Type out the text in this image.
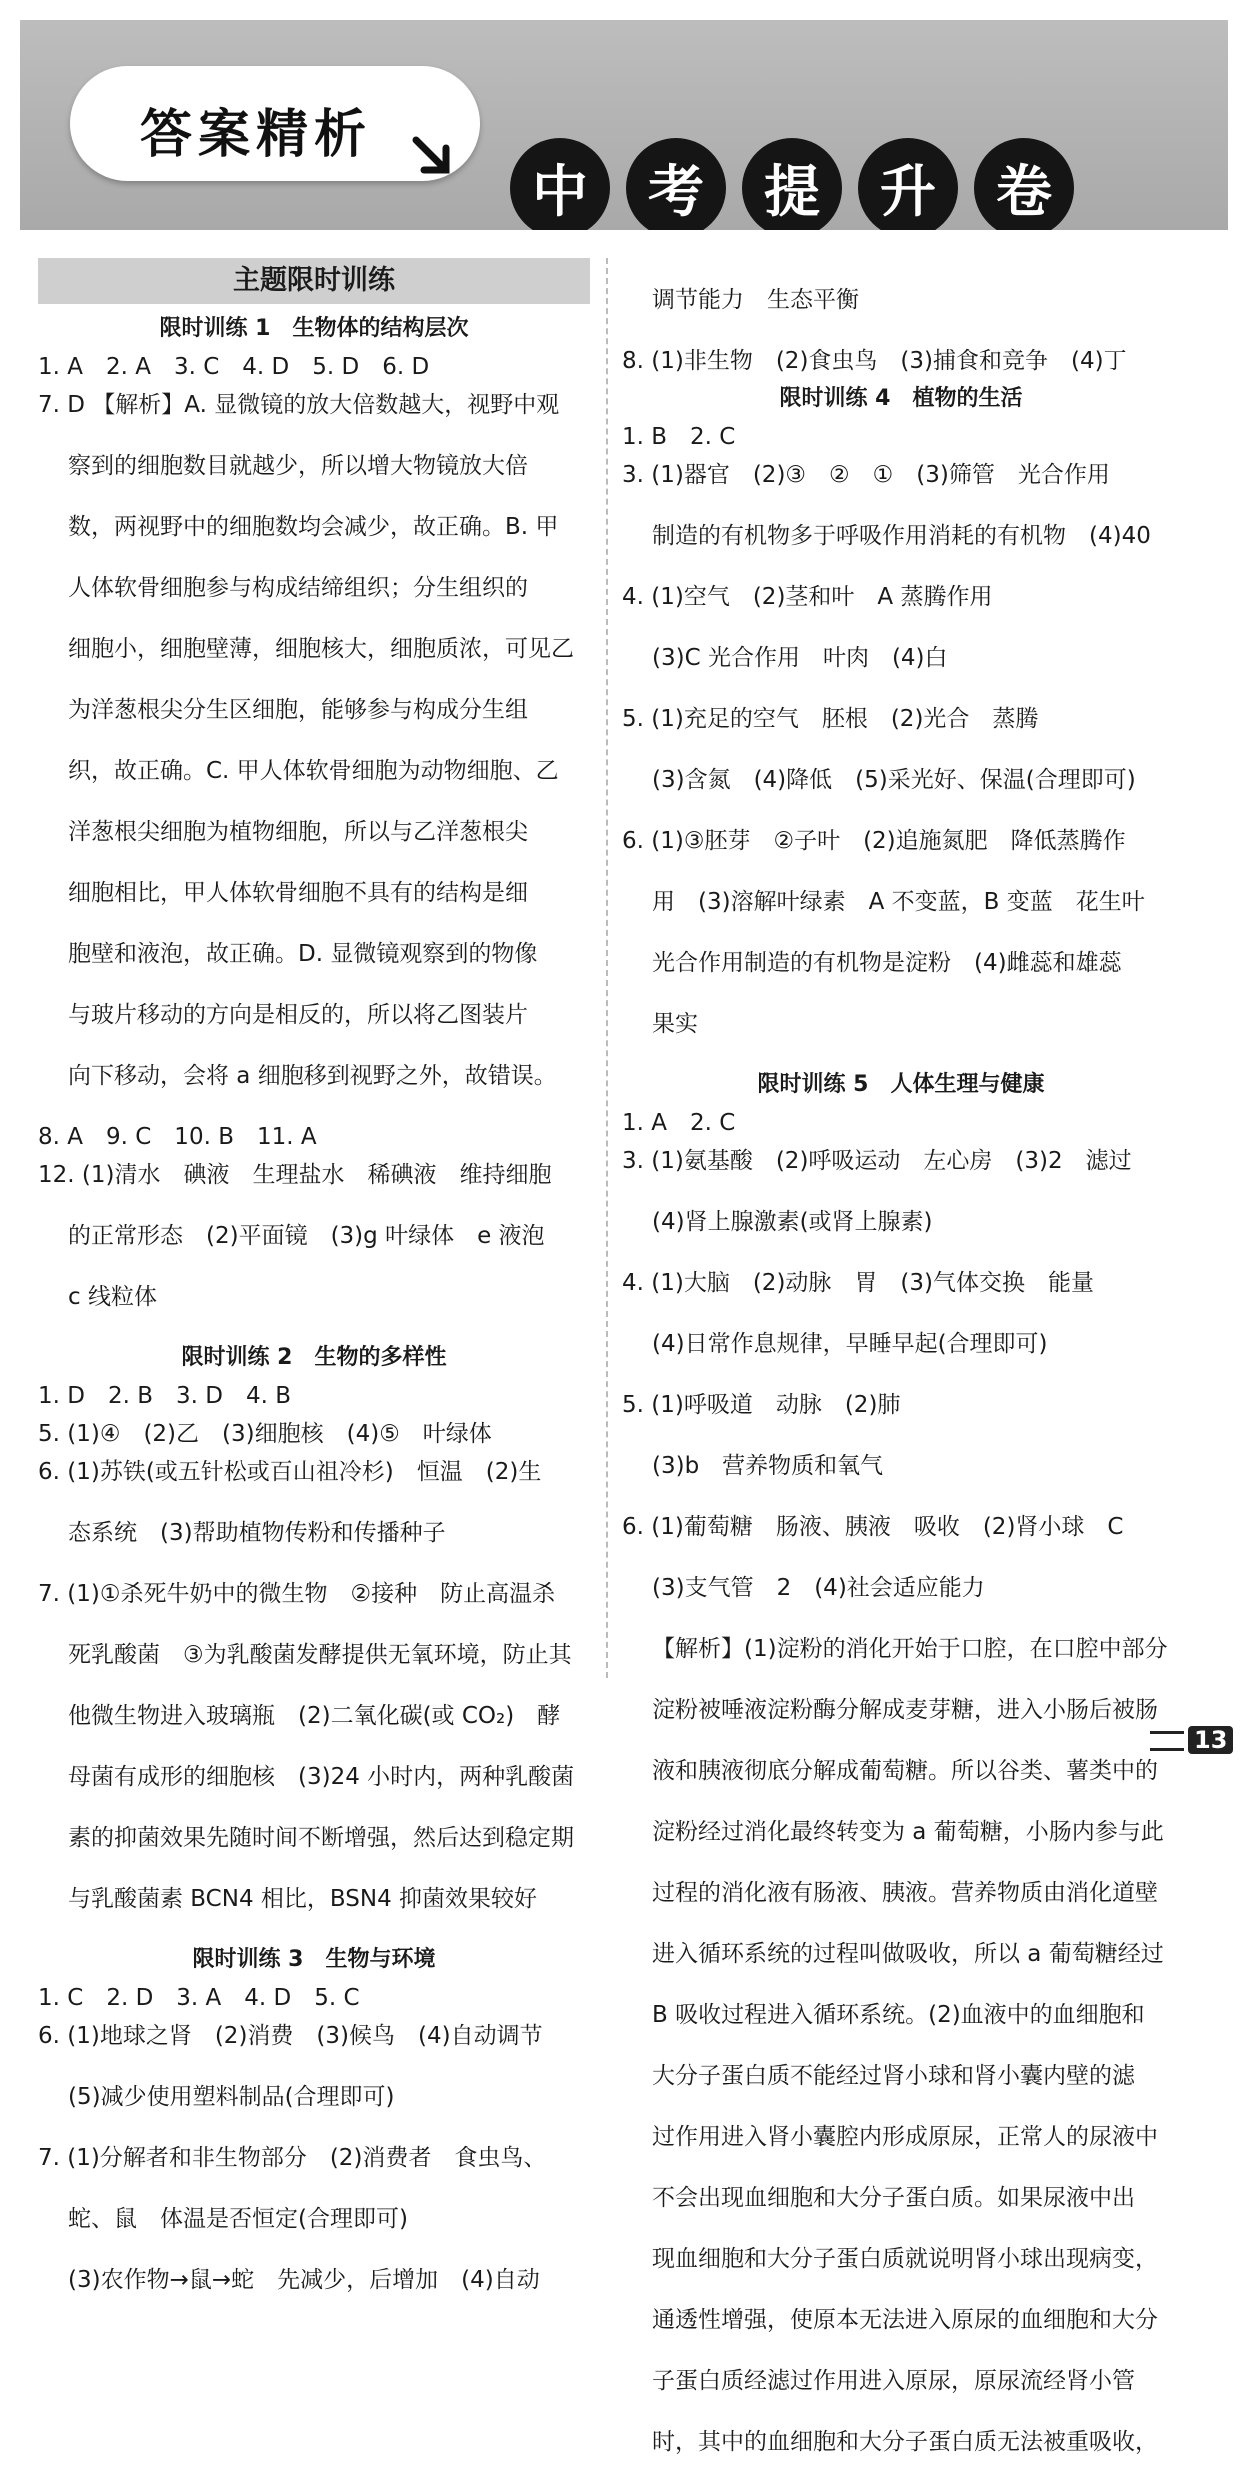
答案精析
中	考	提	升	卷
主题限时训练

限时训练 1　生物体的结构层次

1. A　2. A　3. C　4. D　5. D　6. D

7. D 【解析】A. 显微镜的放大倍数越大，视野中观

察到的细胞数目就越少，所以增大物镜放大倍

数，两视野中的细胞数均会减少，故正确。B. 甲

人体软骨细胞参与构成结缔组织；分生组织的

细胞小，细胞壁薄，细胞核大，细胞质浓，可见乙

为洋葱根尖分生区细胞，能够参与构成分生组

织，故正确。C. 甲人体软骨细胞为动物细胞、乙

洋葱根尖细胞为植物细胞，所以与乙洋葱根尖

细胞相比，甲人体软骨细胞不具有的结构是细

胞壁和液泡，故正确。D. 显微镜观察到的物像

与玻片移动的方向是相反的，所以将乙图装片

向下移动，会将 a 细胞移到视野之外，故错误。

8. A　9. C　10. B　11. A

12. (1)清水　碘液　生理盐水　稀碘液　维持细胞

的正常形态　(2)平面镜　(3)g 叶绿体　e 液泡

c 线粒体

限时训练 2　生物的多样性

1. D　2. B　3. D　4. B

5. (1)④　(2)乙　(3)细胞核　(4)⑤　叶绿体

6. (1)苏铁(或五针松或百山祖冷杉)　恒温　(2)生

态系统　(3)帮助植物传粉和传播种子

7. (1)①杀死牛奶中的微生物　②接种　防止高温杀

死乳酸菌　③为乳酸菌发酵提供无氧环境，防止其

他微生物进入玻璃瓶　(2)二氧化碳(或 CO₂)　酵

母菌有成形的细胞核　(3)24 小时内，两种乳酸菌

素的抑菌效果先随时间不断增强，然后达到稳定期

与乳酸菌素 BCN4 相比，BSN4 抑菌效果较好

限时训练 3　生物与环境

1. C　2. D　3. A　4. D　5. C

6. (1)地球之肾　(2)消费　(3)候鸟　(4)自动调节

(5)减少使用塑料制品(合理即可)

7. (1)分解者和非生物部分　(2)消费者　食虫鸟、

蛇、鼠　体温是否恒定(合理即可)

(3)农作物→鼠→蛇　先减少，后增加　(4)自动

调节能力　生态平衡

8. (1)非生物　(2)食虫鸟　(3)捕食和竞争　(4)丁

限时训练 4　植物的生活

1. B　2. C

3. (1)器官　(2)③　②　①　(3)筛管　光合作用

制造的有机物多于呼吸作用消耗的有机物　(4)40

4. (1)空气　(2)茎和叶　A 蒸腾作用

(3)C 光合作用　叶肉　(4)白

5. (1)充足的空气　胚根　(2)光合　蒸腾

(3)含氮　(4)降低　(5)采光好、保温(合理即可)

6. (1)③胚芽　②子叶　(2)追施氮肥　降低蒸腾作

用　(3)溶解叶绿素　A 不变蓝，B 变蓝　花生叶

光合作用制造的有机物是淀粉　(4)雌蕊和雄蕊

果实

限时训练 5　人体生理与健康

1. A　2. C

3. (1)氨基酸　(2)呼吸运动　左心房　(3)2　滤过

(4)肾上腺激素(或肾上腺素)

4. (1)大脑　(2)动脉　胃　(3)气体交换　能量

(4)日常作息规律，早睡早起(合理即可)

5. (1)呼吸道　动脉　(2)肺

(3)b　营养物质和氧气

6. (1)葡萄糖　肠液、胰液　吸收　(2)肾小球　C

(3)支气管　2　(4)社会适应能力

【解析】(1)淀粉的消化开始于口腔，在口腔中部分

淀粉被唾液淀粉酶分解成麦芽糖，进入小肠后被肠

液和胰液彻底分解成葡萄糖。所以谷类、薯类中的

淀粉经过消化最终转变为 a 葡萄糖，小肠内参与此

过程的消化液有肠液、胰液。营养物质由消化道壁

进入循环系统的过程叫做吸收，所以 a 葡萄糖经过

B 吸收过程进入循环系统。(2)血液中的血细胞和

大分子蛋白质不能经过肾小球和肾小囊内壁的滤

过作用进入肾小囊腔内形成原尿，正常人的尿液中

不会出现血细胞和大分子蛋白质。如果尿液中出

现血细胞和大分子蛋白质就说明肾小球出现病变，

通透性增强，使原本无法进入原尿的血细胞和大分

子蛋白质经滤过作用进入原尿，原尿流经肾小管

时，其中的血细胞和大分子蛋白质无法被重吸收，

13
